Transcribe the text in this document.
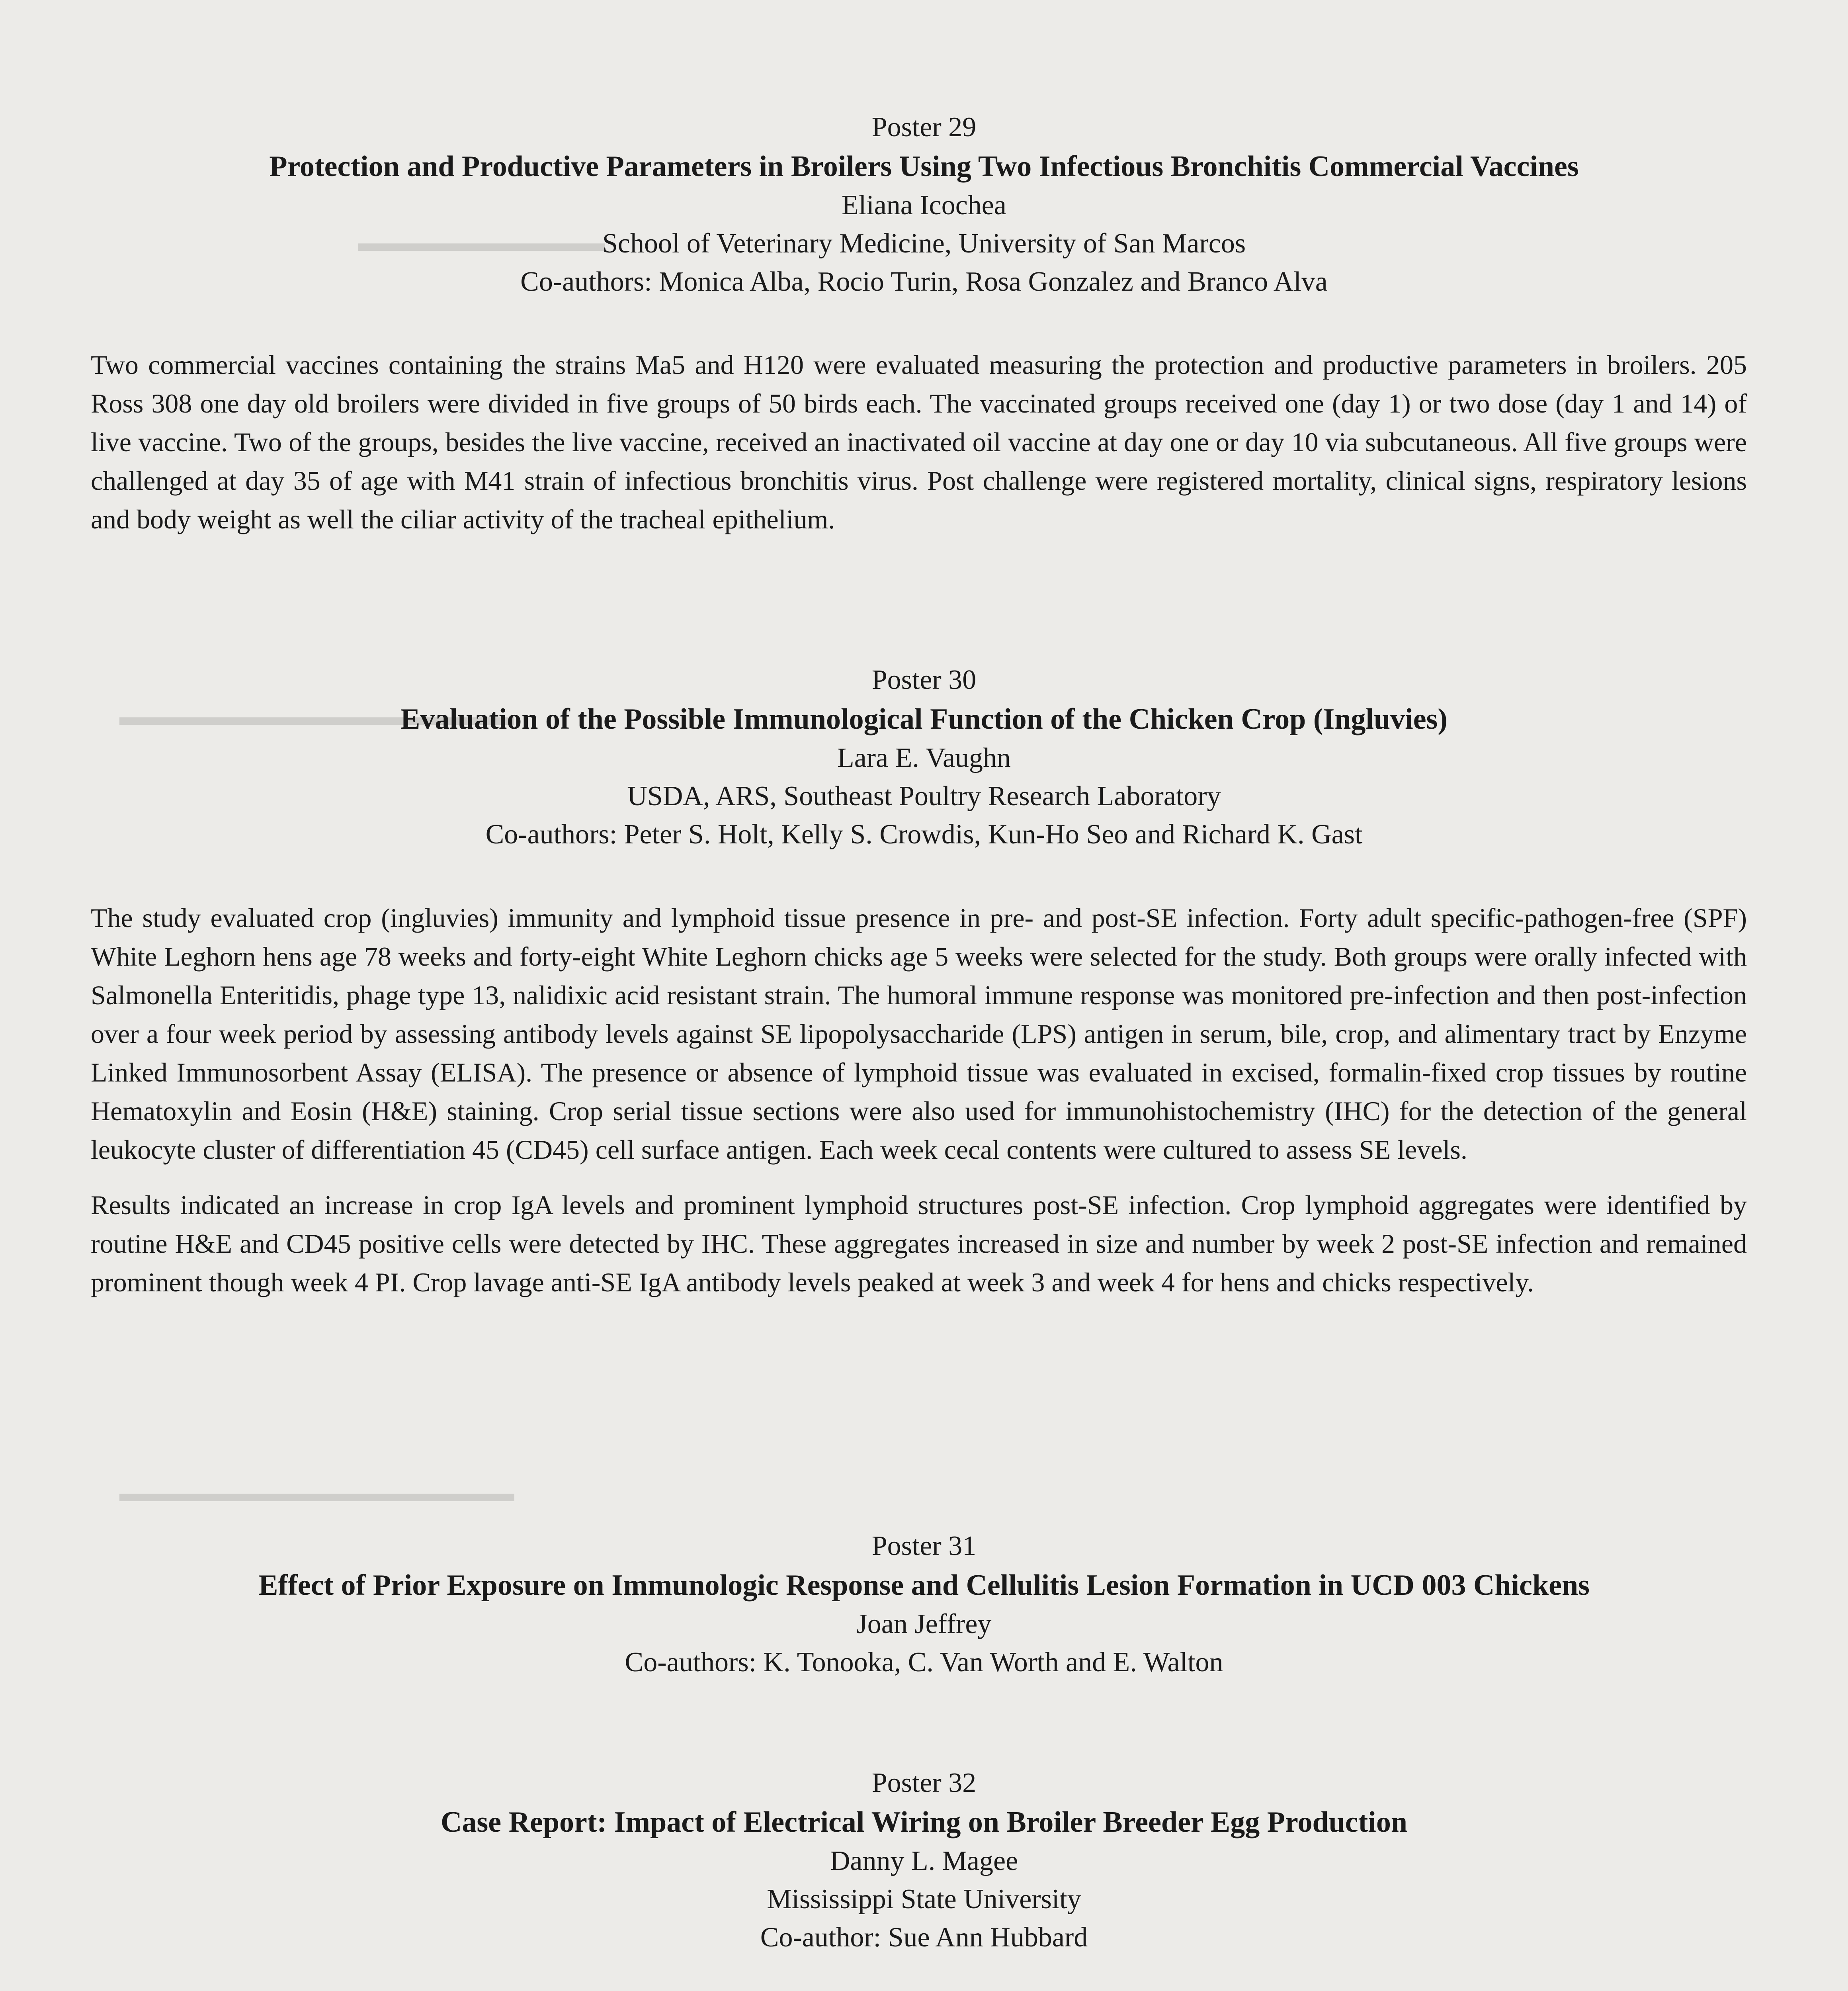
▬▬▬▬▬▬▬▬▬▬
▬▬▬▬▬▬▬▬▬▬▬▬▬▬▬▬
▬▬▬▬▬▬▬▬▬▬▬▬▬▬▬▬
Poster 29
Protection and Productive Parameters in Broilers Using Two Infectious Bronchitis Commercial Vaccines
Eliana Icochea
School of Veterinary Medicine, University of San Marcos
Co-authors: Monica Alba, Rocio Turin, Rosa Gonzalez and Branco Alva

Two commercial vaccines containing the strains Ma5 and H120 were evaluated measuring the protection and productive parameters in broilers. 205 Ross 308 one day old broilers were divided in five groups of 50 birds each. The vaccinated groups received one (day 1) or two dose (day 1 and 14) of live vaccine. Two of the groups, besides the live vaccine, received an inactivated oil vaccine at day one or day 10 via subcutaneous. All five groups were challenged at day 35 of age with M41 strain of infectious bronchitis virus. Post challenge were registered mortality, clinical signs, respiratory lesions and body weight as well the ciliar activity of the tracheal epithelium.

Poster 30
Evaluation of the Possible Immunological Function of the Chicken Crop (Ingluvies)
Lara E. Vaughn
USDA, ARS, Southeast Poultry Research Laboratory
Co-authors: Peter S. Holt, Kelly S. Crowdis, Kun-Ho Seo and Richard K. Gast

The study evaluated crop (ingluvies) immunity and lymphoid tissue presence in pre- and post-SE infection. Forty adult specific-pathogen-free (SPF) White Leghorn hens age 78 weeks and forty-eight White Leghorn chicks age 5 weeks were selected for the study. Both groups were orally infected with Salmonella Enteritidis, phage type 13, nalidixic acid resistant strain. The humoral immune response was monitored pre-infection and then post-infection over a four week period by assessing antibody levels against SE lipopolysaccharide (LPS) antigen in serum, bile, crop, and alimentary tract by Enzyme Linked Immunosorbent Assay (ELISA). The presence or absence of lymphoid tissue was evaluated in excised, formalin-fixed crop tissues by routine Hematoxylin and Eosin (H&E) staining. Crop serial tissue sections were also used for immunohistochemistry (IHC) for the detection of the general leukocyte cluster of differentiation 45 (CD45) cell surface antigen. Each week cecal contents were cultured to assess SE levels.

Results indicated an increase in crop IgA levels and prominent lymphoid structures post-SE infection. Crop lymphoid aggregates were identified by routine H&E and CD45 positive cells were detected by IHC. These aggregates increased in size and number by week 2 post-SE infection and remained prominent though week 4 PI. Crop lavage anti-SE IgA antibody levels peaked at week 3 and week 4 for hens and chicks respectively.

Poster 31
Effect of Prior Exposure on Immunologic Response and Cellulitis Lesion Formation in UCD 003 Chickens
Joan Jeffrey
Co-authors: K. Tonooka, C. Van Worth and E. Walton
Poster 32
Case Report: Impact of Electrical Wiring on Broiler Breeder Egg Production
Danny L. Magee
Mississippi State University
Co-author: Sue Ann Hubbard
